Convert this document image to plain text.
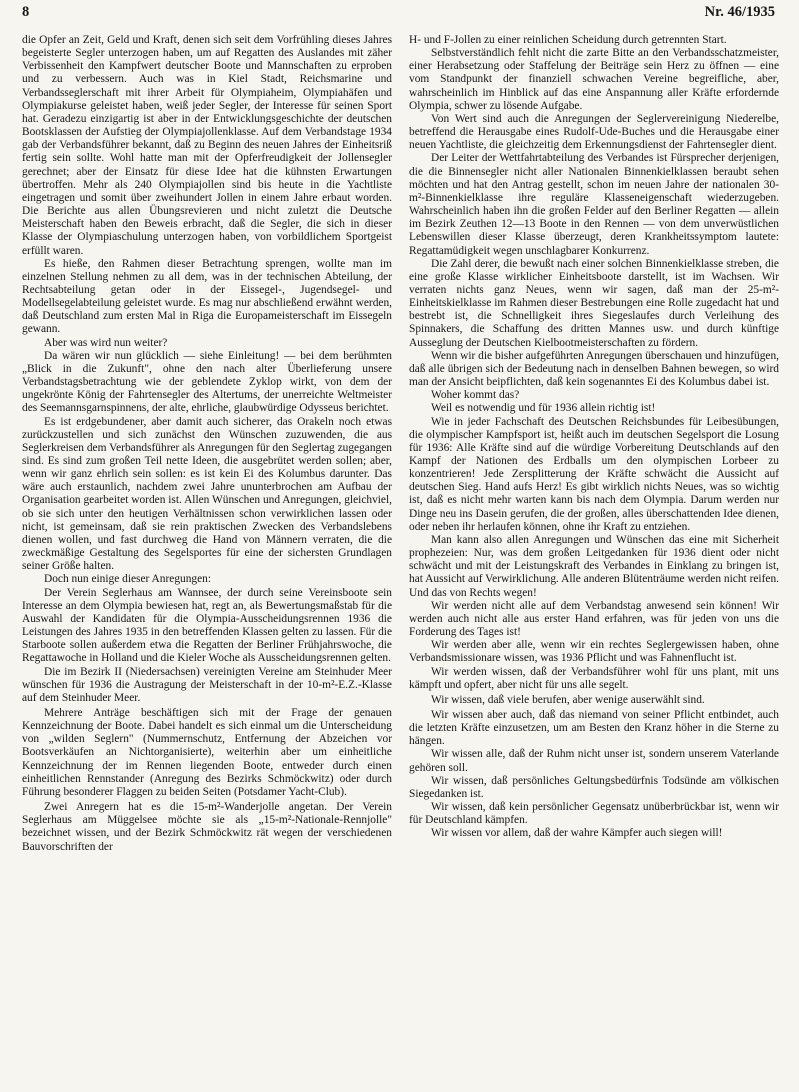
8	Nr. 46/1935

die Opfer an Zeit, Geld und Kraft, denen sich seit dem Vorfrühling dieses Jahres begeisterte Segler unterzogen haben, um auf Regatten des Auslandes mit zäher Verbissenheit den Kampfwert deutscher Boote und Mannschaften zu erproben und zu verbessern. Auch was in Kiel Stadt, Reichsmarine und Verbandsseglerschaft mit ihrer Arbeit für Olympiaheim, Olympiahäfen und Olympiakurse geleistet haben, weiß jeder Segler, der Interesse für seinen Sport hat. Geradezu einzigartig ist aber in der Entwicklungsgeschichte der deutschen Bootsklassen der Aufstieg der Olympiajollenklasse. Auf dem Verbandstage 1934 gab der Verbandsführer bekannt, daß zu Beginn des neuen Jahres der Einheitsriß fertig sein sollte. Wohl hatte man mit der Opferfreudigkeit der Jollensegler gerechnet; aber der Einsatz für diese Idee hat die kühnsten Erwartungen übertroffen. Mehr als 240 Olympiajollen sind bis heute in die Yachtliste eingetragen und somit über zweihundert Jollen in einem Jahre erbaut worden. Die Berichte aus allen Übungsrevieren und nicht zuletzt die Deutsche Meisterschaft haben den Beweis erbracht, daß die Segler, die sich in dieser Klasse der Olympiaschulung unterzogen haben, von vorbildlichem Sportgeist erfüllt waren.

Es hieße, den Rahmen dieser Betrachtung sprengen, wollte man im einzelnen Stellung nehmen zu all dem, was in der technischen Abteilung, der Rechtsabteilung getan oder in der Eissegel-, Jugendsegel- und Modellsegelabteilung geleistet wurde. Es mag nur abschließend erwähnt werden, daß Deutschland zum ersten Mal in Riga die Europameisterschaft im Eissegeln gewann.

Aber was wird nun weiter?

Da wären wir nun glücklich — siehe Einleitung! — bei dem berühmten „Blick in die Zukunft", ohne den nach alter Überlieferung unsere Verbandstagsbetrachtung wie der geblendete Zyklop wirkt, von dem der ungekrönte König der Fahrtensegler des Altertums, der unerreichte Weltmeister des Seemannsgarnspinnens, der alte, ehrliche, glaubwürdige Odysseus berichtet.

Es ist erdgebundener, aber damit auch sicherer, das Orakeln noch etwas zurückzustellen und sich zunächst den Wünschen zuzuwenden, die aus Seglerkreisen dem Verbandsführer als Anregungen für den Seglertag zugegangen sind. Es sind zum großen Teil nette Ideen, die ausgebrütet werden sollen; aber, wenn wir ganz ehrlich sein sollen: es ist kein Ei des Kolumbus darunter. Das wäre auch erstaunlich, nachdem zwei Jahre ununterbrochen am Aufbau der Organisation gearbeitet worden ist. Allen Wünschen und Anregungen, gleichviel, ob sie sich unter den heutigen Verhältnissen schon verwirklichen lassen oder nicht, ist gemeinsam, daß sie rein praktischen Zwecken des Verbandslebens dienen wollen, und fast durchweg die Hand von Männern verraten, die die zweckmäßige Gestaltung des Segelsportes für eine der sichersten Grundlagen seiner Größe halten.

Doch nun einige dieser Anregungen:

Der Verein Seglerhaus am Wannsee, der durch seine Vereinsboote sein Interesse an dem Olympia bewiesen hat, regt an, als Bewertungsmaßstab für die Auswahl der Kandidaten für die Olympia-Ausscheidungsrennen 1936 die Leistungen des Jahres 1935 in den betreffenden Klassen gelten zu lassen. Für die Starboote sollen außerdem etwa die Regatten der Berliner Frühjahrswoche, die Regattawoche in Holland und die Kieler Woche als Ausscheidungsrennen gelten.

Die im Bezirk II (Niedersachsen) vereinigten Vereine am Steinhuder Meer wünschen für 1936 die Austragung der Meisterschaft in der 10-m²-E.Z.-Klasse auf dem Steinhuder Meer.

Mehrere Anträge beschäftigen sich mit der Frage der genauen Kennzeichnung der Boote. Dabei handelt es sich einmal um die Unterscheidung von „wilden Seglern" (Nummernschutz, Entfernung der Abzeichen vor Bootsverkäufen an Nichtorganisierte), weiterhin aber um einheitliche Kennzeichnung der im Rennen liegenden Boote, entweder durch einen einheitlichen Rennstander (Anregung des Bezirks Schmöckwitz) oder durch Führung besonderer Flaggen zu beiden Seiten (Potsdamer Yacht-Club).

Zwei Anregern hat es die 15-m²-Wanderjolle angetan. Der Verein Seglerhaus am Müggelsee möchte sie als „15-m²-Nationale-Rennjolle" bezeichnet wissen, und der Bezirk Schmöckwitz rät wegen der verschiedenen Bauvorschriften der

H- und F-Jollen zu einer reinlichen Scheidung durch getrennten Start.

Selbstverständlich fehlt nicht die zarte Bitte an den Verbandsschatzmeister, einer Herabsetzung oder Staffelung der Beiträge sein Herz zu öffnen — eine vom Standpunkt der finanziell schwachen Vereine begreifliche, aber, wahrscheinlich im Hinblick auf das eine Anspannung aller Kräfte erfordernde Olympia, schwer zu lösende Aufgabe.

Von Wert sind auch die Anregungen der Seglervereinigung Niederelbe, betreffend die Herausgabe eines Rudolf-Ude-Buches und die Herausgabe einer neuen Yachtliste, die gleichzeitig dem Erkennungsdienst der Fahrtensegler dient.

Der Leiter der Wettfahrtabteilung des Verbandes ist Fürsprecher derjenigen, die die Binnensegler nicht aller Nationalen Binnenkielklassen beraubt sehen möchten und hat den Antrag gestellt, schon im neuen Jahre der nationalen 30-m²-Binnenkielklasse ihre reguläre Klasseneigenschaft wiederzugeben. Wahrscheinlich haben ihn die großen Felder auf den Berliner Regatten — allein im Bezirk Zeuthen 12—13 Boote in den Rennen — von dem unverwüstlichen Lebenswillen dieser Klasse überzeugt, deren Krankheitssymptom lautete: Regattamüdigkeit wegen unschlagbarer Konkurrenz.

Die Zahl derer, die bewußt nach einer solchen Binnenkielklasse streben, die eine große Klasse wirklicher Einheitsboote darstellt, ist im Wachsen. Wir verraten nichts ganz Neues, wenn wir sagen, daß man der 25-m²-Einheitskielklasse im Rahmen dieser Bestrebungen eine Rolle zugedacht hat und bestrebt ist, die Schnelligkeit ihres Siegeslaufes durch Verleihung des Spinnakers, die Schaffung des dritten Mannes usw. und durch künftige Ausseglung der Deutschen Kielbootmeisterschaften zu fördern.

Wenn wir die bisher aufgeführten Anregungen überschauen und hinzufügen, daß alle übrigen sich der Bedeutung nach in denselben Bahnen bewegen, so wird man der Ansicht beipflichten, daß kein sogenanntes Ei des Kolumbus dabei ist.

Woher kommt das?

Weil es notwendig und für 1936 allein richtig ist!

Wie in jeder Fachschaft des Deutschen Reichsbundes für Leibesübungen, die olympischer Kampfsport ist, heißt auch im deutschen Segelsport die Losung für 1936: Alle Kräfte sind auf die würdige Vorbereitung Deutschlands auf den Kampf der Nationen des Erdballs um den olympischen Lorbeer zu konzentrieren! Jede Zersplitterung der Kräfte schwächt die Aussicht auf deutschen Sieg. Hand aufs Herz! Es gibt wirklich nichts Neues, was so wichtig ist, daß es nicht mehr warten kann bis nach dem Olympia. Darum werden nur Dinge neu ins Dasein gerufen, die der großen, alles überschattenden Idee dienen, oder neben ihr herlaufen können, ohne ihr Kraft zu entziehen.

Man kann also allen Anregungen und Wünschen das eine mit Sicherheit prophezeien: Nur, was dem großen Leitgedanken für 1936 dient oder nicht schwächt und mit der Leistungskraft des Verbandes in Einklang zu bringen ist, hat Aussicht auf Verwirklichung. Alle anderen Blütenträume werden nicht reifen. Und das von Rechts wegen!

Wir werden nicht alle auf dem Verbandstag anwesend sein können! Wir werden auch nicht alle aus erster Hand erfahren, was für jeden von uns die Forderung des Tages ist!

Wir werden aber alle, wenn wir ein rechtes Seglergewissen haben, ohne Verbandsmissionare wissen, was 1936 Pflicht und was Fahnenflucht ist.

Wir werden wissen, daß der Verbandsführer wohl für uns plant, mit uns kämpft und opfert, aber nicht für uns alle segelt.

Wir wissen, daß viele berufen, aber wenige auserwählt sind.

Wir wissen aber auch, daß das niemand von seiner Pflicht entbindet, auch die letzten Kräfte einzusetzen, um am Besten den Kranz höher in die Sterne zu hängen.

Wir wissen alle, daß der Ruhm nicht unser ist, sondern unserem Vaterlande gehören soll.

Wir wissen, daß persönliches Geltungsbedürfnis Todsünde am völkischen Siegedanken ist.

Wir wissen, daß kein persönlicher Gegensatz unüberbrückbar ist, wenn wir für Deutschland kämpfen.

Wir wissen vor allem, daß der wahre Kämpfer auch siegen will!
